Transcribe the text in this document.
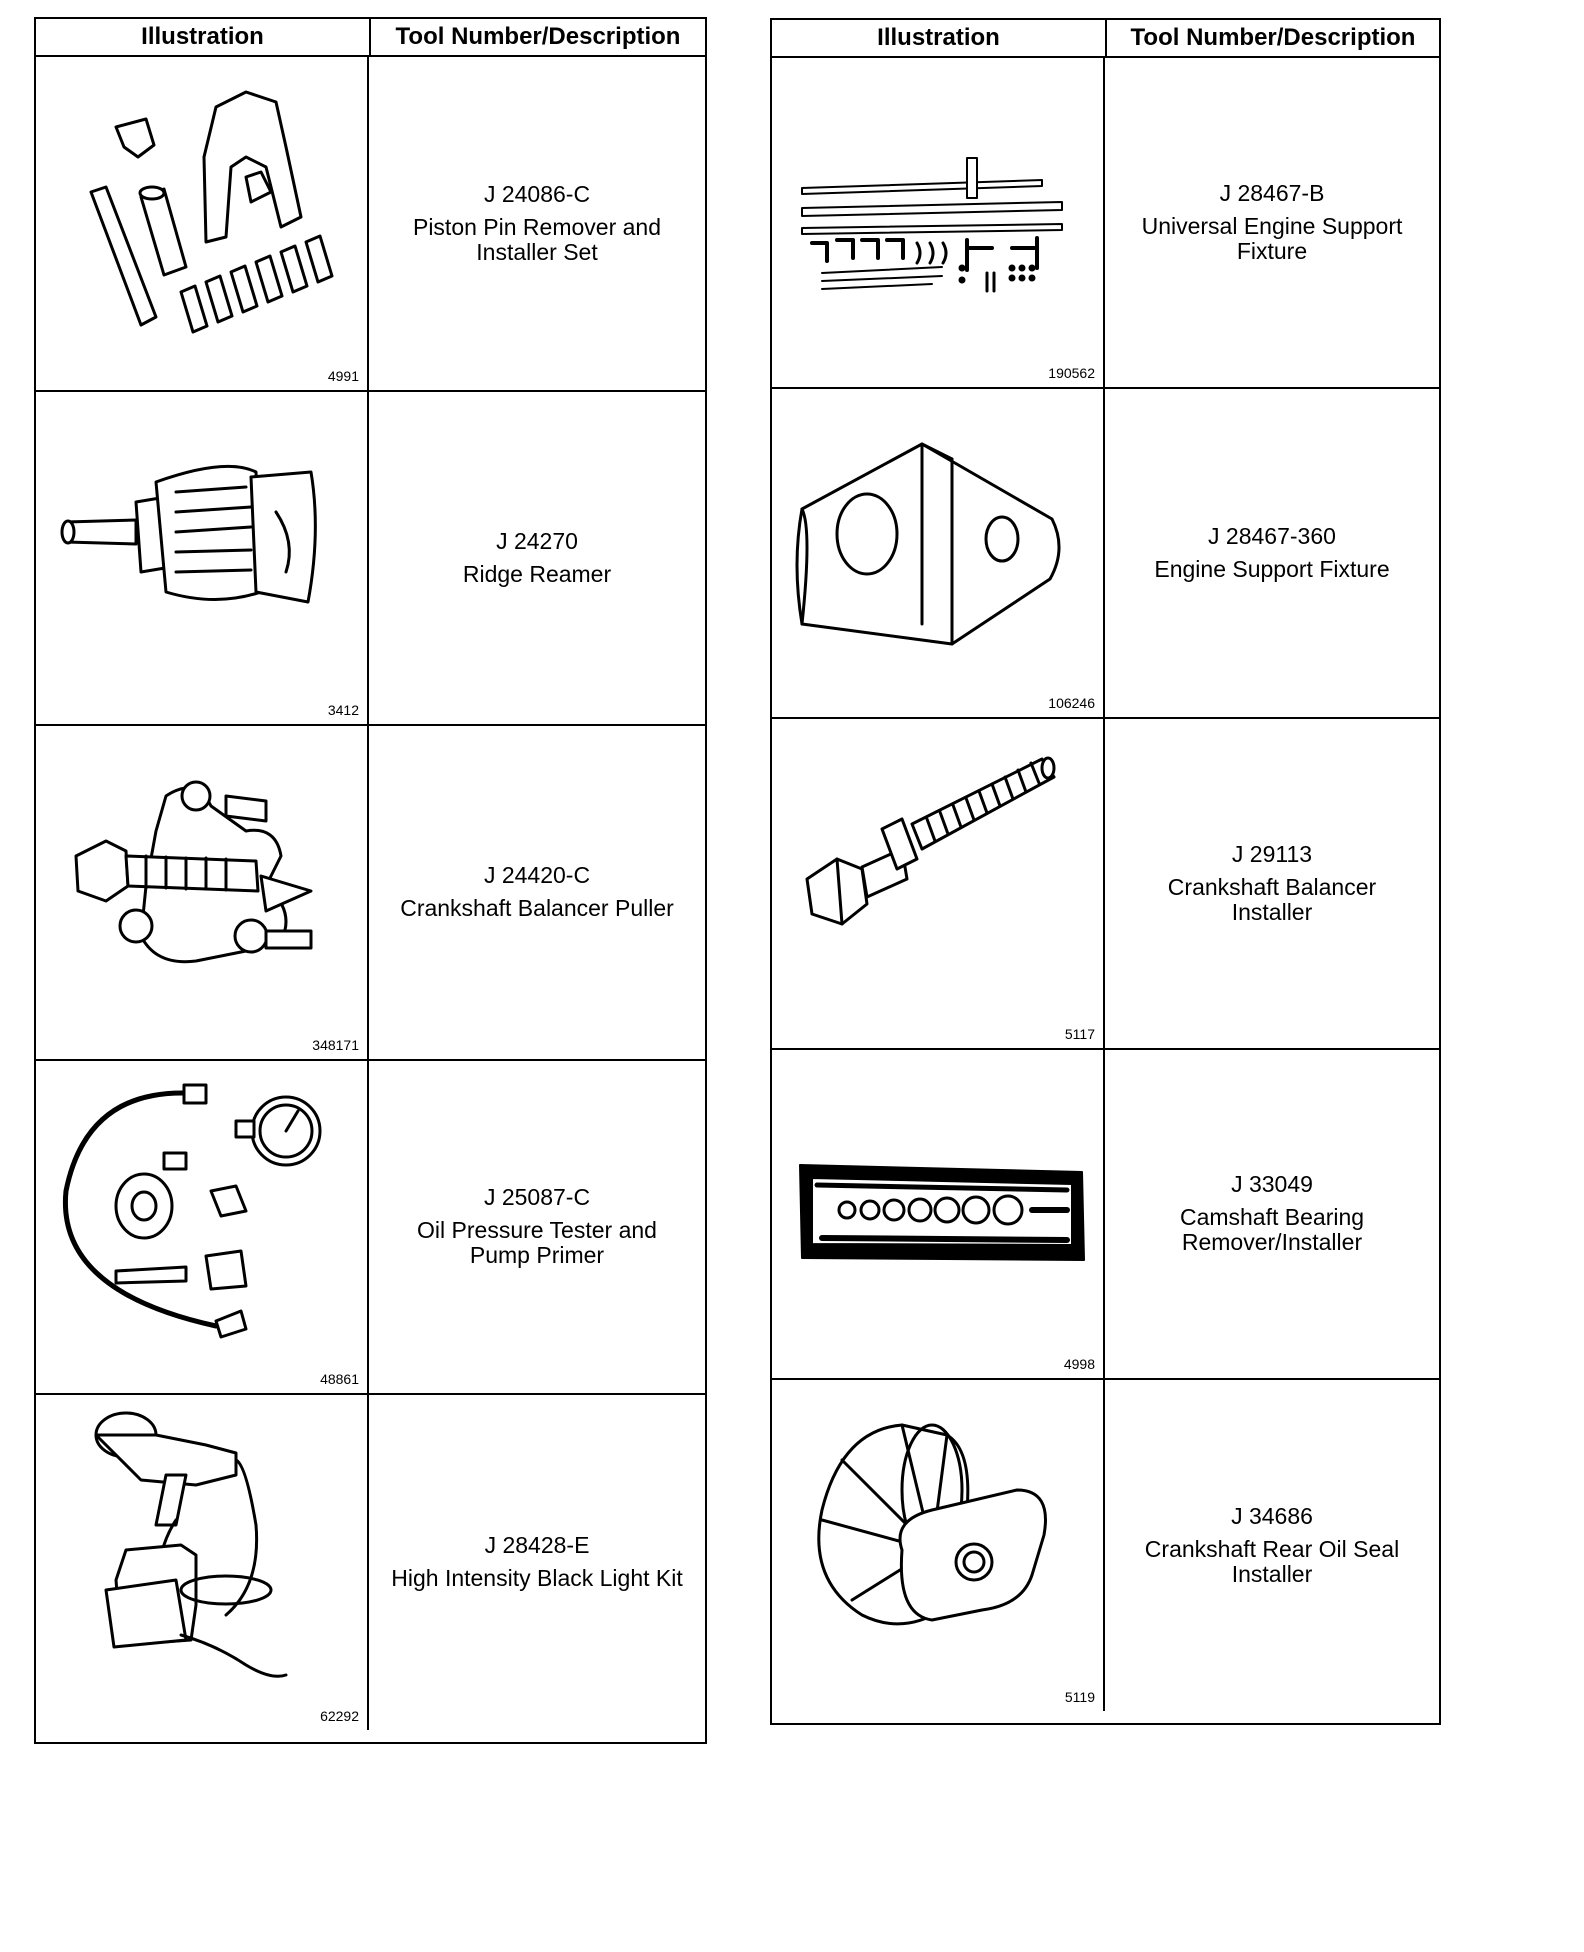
Illustration	Tool Number/Description
4991
J 24086-C
Piston Pin Remover and
Installer Set
3412
J 24270
Ridge Reamer
348171
J 24420-C
Crankshaft Balancer Puller
48861
J 25087-C
Oil Pressure Tester and
Pump Primer
62292
J 28428-E
High Intensity Black Light Kit
Illustration	Tool Number/Description
190562
J 28467-B
Universal Engine Support
Fixture
106246
J 28467-360
Engine Support Fixture
5117
J 29113
Crankshaft Balancer
Installer
4998
J 33049
Camshaft Bearing
Remover/Installer
5119
J 34686
Crankshaft Rear Oil Seal
Installer
